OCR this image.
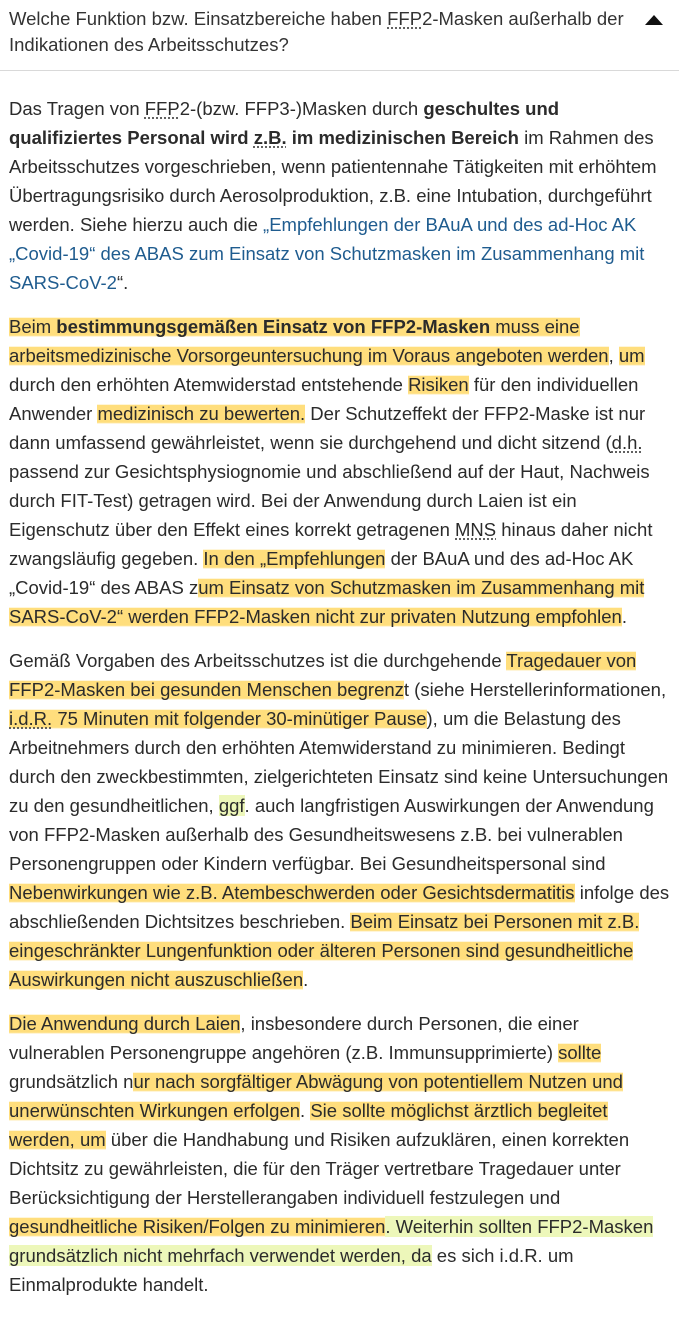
Welche Funktion bzw. Einsatzbereiche haben FFP2-Masken außerhalb der Indikationen des Arbeitsschutzes?

Das Tragen von FFP2-(bzw. FFP3-)Masken durch geschultes und qualifiziertes Personal wird z.B. im medizinischen Bereich im Rahmen des Arbeitsschutzes vorgeschrieben, wenn patientennahe Tätigkeiten mit erhöhtem Übertragungsrisiko durch Aerosolproduktion, z.B. eine Intubation, durchgeführt werden. Siehe hierzu auch die „Empfehlungen der BAuA und des ad-Hoc AK „Covid-19“ des ABAS zum Einsatz von Schutzmasken im Zusammenhang mit SARS-CoV-2“.

Beim bestimmungsgemäßen Einsatz von FFP2-Masken muss eine arbeitsmedizinische Vorsorgeuntersuchung im Voraus angeboten werden, um durch den erhöhten Atemwiderstad entstehende Risiken für den individuellen Anwender medizinisch zu bewerten. Der Schutzeffekt der FFP2-Maske ist nur dann umfassend gewährleistet, wenn sie durchgehend und dicht sitzend (d.h. passend zur Gesichtsphysiognomie und abschließend auf der Haut, Nachweis durch FIT-Test) getragen wird. Bei der Anwendung durch Laien ist ein Eigenschutz über den Effekt eines korrekt getragenen MNS hinaus daher nicht zwangsläufig gegeben. In den „Empfehlungen der BAuA und des ad-Hoc AK „Covid-19“ des ABAS zum Einsatz von Schutzmasken im Zusammenhang mit SARS-CoV-2“ werden FFP2-Masken nicht zur privaten Nutzung empfohlen.

Gemäß Vorgaben des Arbeitsschutzes ist die durchgehende Tragedauer von FFP2-Masken bei gesunden Menschen begrenzt (siehe Herstellerinformationen, i.d.R. 75 Minuten mit folgender 30-minütiger Pause), um die Belastung des Arbeitnehmers durch den erhöhten Atemwiderstand zu minimieren. Bedingt durch den zweckbestimmten, zielgerichteten Einsatz sind keine Untersuchungen zu den gesundheitlichen, ggf. auch langfristigen Auswirkungen der Anwendung von FFP2-Masken außerhalb des Gesundheitswesens z.B. bei vulnerablen Personengruppen oder Kindern verfügbar. Bei Gesundheitspersonal sind Nebenwirkungen wie z.B. Atembeschwerden oder Gesichtsdermatitis infolge des abschließenden Dichtsitzes beschrieben. Beim Einsatz bei Personen mit z.B. eingeschränkter Lungenfunktion oder älteren Personen sind gesundheitliche Auswirkungen nicht auszuschließen.

Die Anwendung durch Laien, insbesondere durch Personen, die einer vulnerablen Personengruppe angehören (z.B. Immunsupprimierte) sollte grundsätzlich nur nach sorgfältiger Abwägung von potentiellem Nutzen und unerwünschten Wirkungen erfolgen. Sie sollte möglichst ärztlich begleitet werden, um über die Handhabung und Risiken aufzuklären, einen korrekten Dichtsitz zu gewährleisten, die für den Träger vertretbare Tragedauer unter Berücksichtigung der Herstellerangaben individuell festzulegen und gesundheitliche Risiken/Folgen zu minimieren. Weiterhin sollten FFP2-Masken grundsätzlich nicht mehrfach verwendet werden, da es sich i.d.R. um Einmalprodukte handelt.
